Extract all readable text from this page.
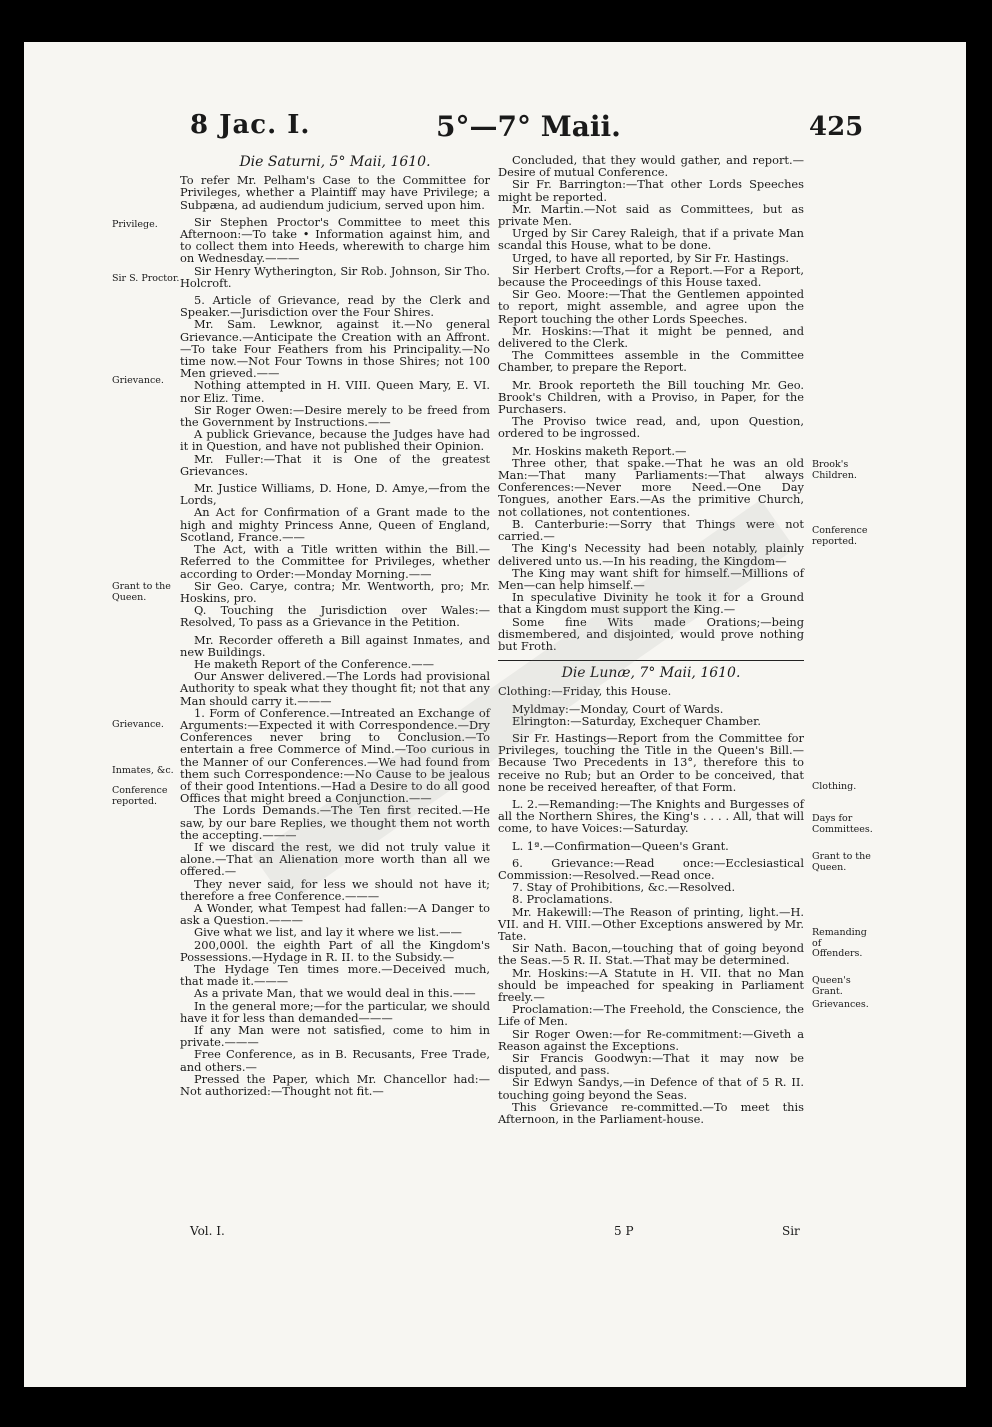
8 Jac. I.	5°—7° Maii.	425
Privilege.
Sir S. Proctor.
Grievance.
Grant to the Queen.
Grievance.
Inmates, &c.
Conference reported.
Die Saturni, 5° Maii, 1610.

To refer Mr. Pelham's Case to the Committee for Privileges, whether a Plaintiff may have Privilege; a Subpæna, ad audiendum judicium, served upon him.

Sir Stephen Proctor's Committee to meet this Afternoon:—To take • Information against him, and to collect them into Heeds, wherewith to charge him on Wednesday.———

Sir Henry Wytherington, Sir Rob. Johnson, Sir Tho. Holcroft.

5. Article of Grievance, read by the Clerk and Speaker.—Jurisdiction over the Four Shires.

Mr. Sam. Lewknor, against it.—No general Grievance.—Anticipate the Creation with an Affront.—To take Four Feathers from his Principality.—No time now.—Not Four Towns in those Shires; not 100 Men grieved.——

Nothing attempted in H. VIII. Queen Mary, E. VI. nor Eliz. Time.

Sir Roger Owen:—Desire merely to be freed from the Government by Instructions.——

A publick Grievance, because the Judges have had it in Question, and have not published their Opinion.

Mr. Fuller:—That it is One of the greatest Grievances.

Mr. Justice Williams, D. Hone, D. Amye,—from the Lords,

An Act for Confirmation of a Grant made to the high and mighty Princess Anne, Queen of England, Scotland, France.——

The Act, with a Title written within the Bill.—Referred to the Committee for Privileges, whether according to Order:—Monday Morning.——

Sir Geo. Carye, contra; Mr. Wentworth, pro; Mr. Hoskins, pro.

Q. Touching the Jurisdiction over Wales:—Resolved, To pass as a Grievance in the Petition.

Mr. Recorder offereth a Bill against Inmates, and new Buildings.

He maketh Report of the Conference.——

Our Answer delivered.—The Lords had provisional Authority to speak what they thought fit; not that any Man should carry it.———

1. Form of Conference.—Intreated an Exchange of Arguments:—Expected it with Correspondence.—Dry Conferences never bring to Conclusion.—To entertain a free Commerce of Mind.—Too curious in the Manner of our Conferences.—We had found from them such Correspondence:—No Cause to be jealous of their good Intentions.—Had a Desire to do all good Offices that might breed a Conjunction.——

The Lords Demands.—The Ten first recited.—He saw, by our bare Replies, we thought them not worth the accepting.———

If we discard the rest, we did not truly value it alone.—That an Alienation more worth than all we offered.—

They never said, for less we should not have it; therefore a free Conference.———

A Wonder, what Tempest had fallen:—A Danger to ask a Question.———

Give what we list, and lay it where we list.——

200,000l. the eighth Part of all the Kingdom's Possessions.—Hydage in R. II. to the Subsidy.—

The Hydage Ten times more.—Deceived much, that made it.———

As a private Man, that we would deal in this.——

In the general more;—for the particular, we should have it for less than demanded———

If any Man were not satisfied, come to him in private.———

Free Conference, as in B. Recusants, Free Trade, and others.—

Pressed the Paper, which Mr. Chancellor had:—Not authorized:—Thought not fit.—

Concluded, that they would gather, and report.—Desire of mutual Conference.

Sir Fr. Barrington:—That other Lords Speeches might be reported.

Mr. Martin.—Not said as Committees, but as private Men.

Urged by Sir Carey Raleigh, that if a private Man scandal this House, what to be done.

Urged, to have all reported, by Sir Fr. Hastings.

Sir Herbert Crofts,—for a Report.—For a Report, because the Proceedings of this House taxed.

Sir Geo. Moore:—That the Gentlemen appointed to report, might assemble, and agree upon the Report touching the other Lords Speeches.

Mr. Hoskins:—That it might be penned, and delivered to the Clerk.

The Committees assemble in the Committee Chamber, to prepare the Report.

Mr. Brook reporteth the Bill touching Mr. Geo. Brook's Children, with a Proviso, in Paper, for the Purchasers.

The Proviso twice read, and, upon Question, ordered to be ingrossed.

Mr. Hoskins maketh Report.—

Three other, that spake.—That he was an old Man:—That many Parliaments:—That always Conferences:—Never more Need.—One Day Tongues, another Ears.—As the primitive Church, not collationes, not contentiones.

B. Canterburie:—Sorry that Things were not carried.—

The King's Necessity had been notably, plainly delivered unto us.—In his reading, the Kingdom—

The King may want shift for himself.—Millions of Men—can help himself.—

In speculative Divinity he took it for a Ground that a Kingdom must support the King.—

Some fine Wits made Orations;—being dismembered, and disjointed, would prove nothing but Froth.

Die Lunæ, 7° Maii, 1610.

Clothing:—Friday, this House.

Myldmay:—Monday, Court of Wards.

Elrington:—Saturday, Exchequer Chamber.

Sir Fr. Hastings—Report from the Committee for Privileges, touching the Title in the Queen's Bill.—Because Two Precedents in 13°, therefore this to receive no Rub; but an Order to be conceived, that none be received hereafter, of that Form.

L. 2.—Remanding:—The Knights and Burgesses of all the Northern Shires, the King's . . . . All, that will come, to have Voices:—Saturday.

L. 1ª.—Confirmation—Queen's Grant.

6. Grievance:—Read once:—Ecclesiastical Commission:—Resolved.—Read once.

7. Stay of Prohibitions, &c.—Resolved.

8. Proclamations.

Mr. Hakewill:—The Reason of printing, light.—H. VII. and H. VIII.—Other Exceptions answered by Mr. Tate.

Sir Nath. Bacon,—touching that of going beyond the Seas.—5 R. II. Stat.—That may be determined.

Mr. Hoskins:—A Statute in H. VII. that no Man should be impeached for speaking in Parliament freely.—

Proclamation:—The Freehold, the Conscience, the Life of Men.

Sir Roger Owen:—for Re-commitment:—Giveth a Reason against the Exceptions.

Sir Francis Goodwyn:—That it may now be disputed, and pass.

Sir Edwyn Sandys,—in Defence of that of 5 R. II. touching going beyond the Seas.

This Grievance re-committed.—To meet this Afternoon, in the Parliament-house.

Brook's Children.
Conference reported.
Clothing.
Days for Committees.
Grant to the Queen.
Remanding of Offenders.
Queen's Grant.
Grievances.
Vol. I.	5 P	Sir
